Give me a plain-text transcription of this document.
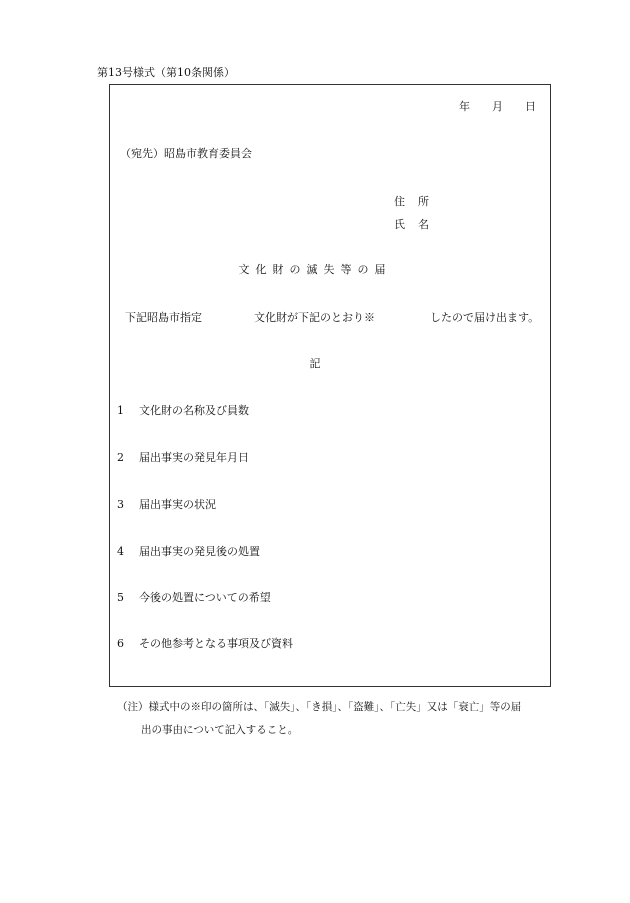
第13号様式（第10条関係）
年 月 日
（宛先）昭島市教育委員会
住　所
氏　名
文化財の滅失等の届
下記昭島市指定	文化財が下記のとおり※	したので届け出ます。
記
1 文化財の名称及び員数
2 届出事実の発見年月日
3 届出事実の状況
4 届出事実の発見後の処置
5 今後の処置についての希望
6 その他参考となる事項及び資料
（注）様式中の※印の箇所は、「滅失」、「き損」、「盗難」、「亡失」又は「衰亡」等の届
出の事由について記入すること。
